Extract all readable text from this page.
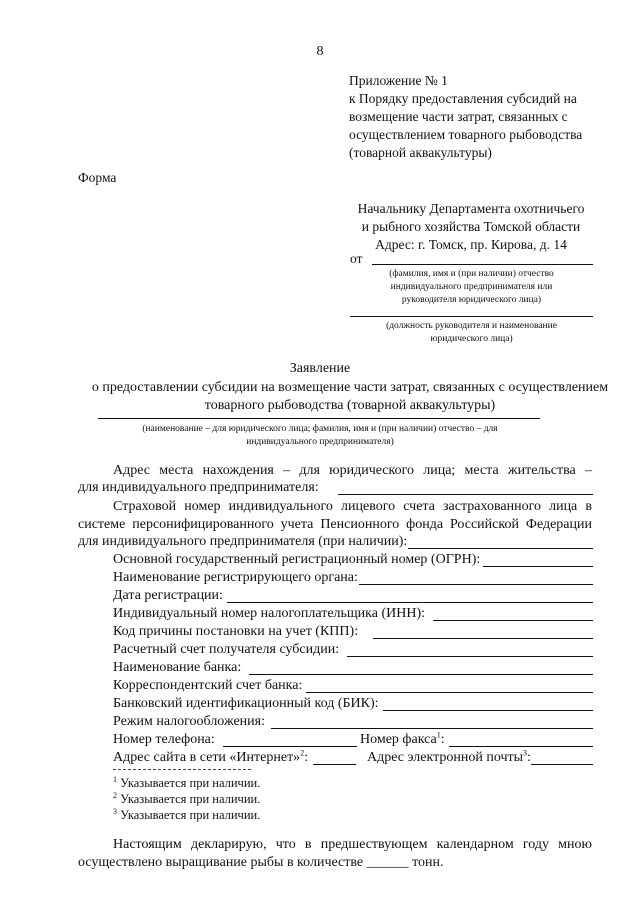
8
Приложение № 1
к Порядку предоставления субсидий на
возмещение части затрат, связанных с
осуществлением товарного рыбоводства
(товарной аквакультуры)
Форма
Начальнику Департамента охотничьего
и рыбного хозяйства Томской области
Адрес: г. Томск, пр. Кирова, д. 14
от
(фамилия, имя и (при наличии) отчество
индивидуального предпринимателя или
руководителя юридического лица)
(должность руководителя и наименование
юридического лица)
Заявление
о предоставлении субсидии на возмещение части затрат, связанных с осуществлением
товарного рыбоводства (товарной аквакультуры)
(наименование – для юридического лица; фамилия, имя и (при наличии) отчество – для
индивидуального предпринимателя)
Адрес места нахождения – для юридического лица; места жительства –
для индивидуального предпринимателя:
Страховой номер индивидуального лицевого счета застрахованного лица в
системе персонифицированного учета Пенсионного фонда Российской Федерации
для индивидуального предпринимателя (при наличии):
Основной государственный регистрационный номер (ОГРН):
Наименование регистрирующего органа:
Дата регистрации:
Индивидуальный номер налогоплательщика (ИНН):
Код причины постановки на учет (КПП):
Расчетный счет получателя субсидии:
Наименование банка:
Корреспондентский счет банка:
Банковский идентификационный код (БИК):
Режим налогообложения:
Номер телефона:	Номер факса$^1$:
Адрес сайта в сети «Интернет»$^2$:	Адрес электронной почты$^3$:
$^1$ Указывается при наличии.
$^2$ Указывается при наличии.
$^3$ Указывается при наличии.
Настоящим декларирую, что в предшествующем календарном году мною
осуществлено выращивание рыбы в количестве ______ тонн.
